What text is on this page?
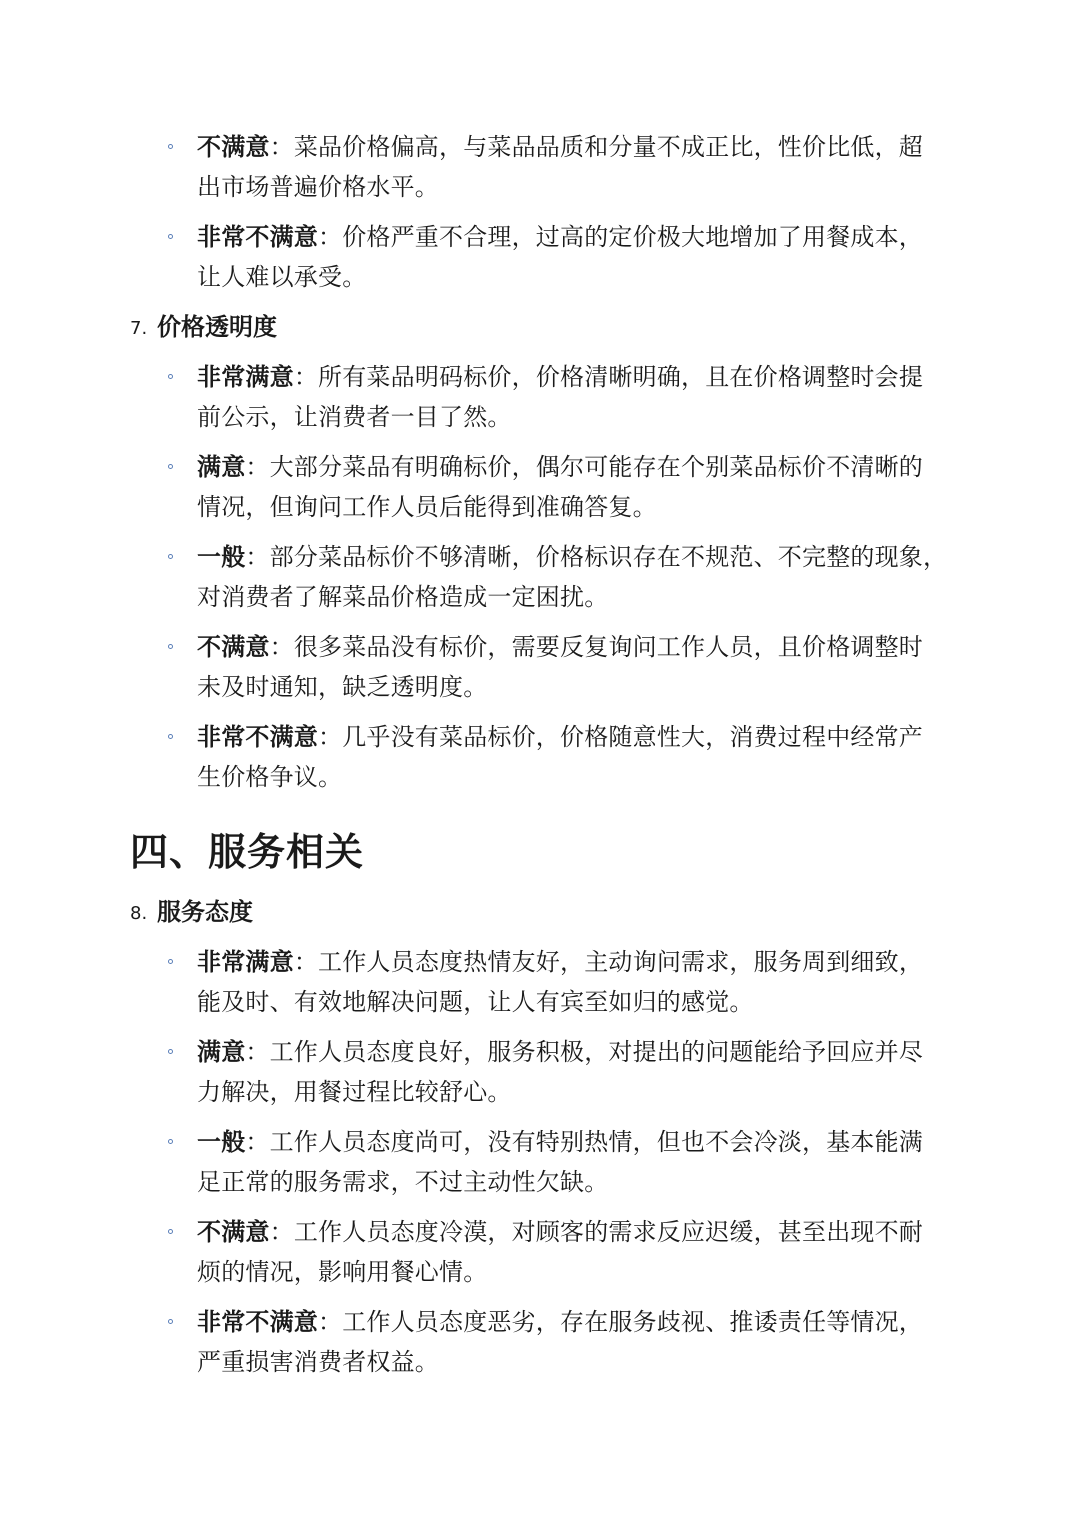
不满意：菜品价格偏高，与菜品品质和分量不成正比，性价比低，超
出市场普遍价格水平。
非常不满意：价格严重不合理，过高的定价极大地增加了用餐成本，
让人难以承受。
7. 价格透明度
非常满意：所有菜品明码标价，价格清晰明确，且在价格调整时会提
前公示，让消费者一目了然。
满意：大部分菜品有明确标价，偶尔可能存在个别菜品标价不清晰的
情况，但询问工作人员后能得到准确答复。
一般：部分菜品标价不够清晰，价格标识存在不规范、不完整的现象，
对消费者了解菜品价格造成一定困扰。
不满意：很多菜品没有标价，需要反复询问工作人员，且价格调整时
未及时通知，缺乏透明度。
非常不满意：几乎没有菜品标价，价格随意性大，消费过程中经常产
生价格争议。
四、服务相关
8. 服务态度
非常满意：工作人员态度热情友好，主动询问需求，服务周到细致，
能及时、有效地解决问题，让人有宾至如归的感觉。
满意：工作人员态度良好，服务积极，对提出的问题能给予回应并尽
力解决，用餐过程比较舒心。
一般：工作人员态度尚可，没有特别热情，但也不会冷淡，基本能满
足正常的服务需求，不过主动性欠缺。
不满意：工作人员态度冷漠，对顾客的需求反应迟缓，甚至出现不耐
烦的情况，影响用餐心情。
非常不满意：工作人员态度恶劣，存在服务歧视、推诿责任等情况，
严重损害消费者权益。
